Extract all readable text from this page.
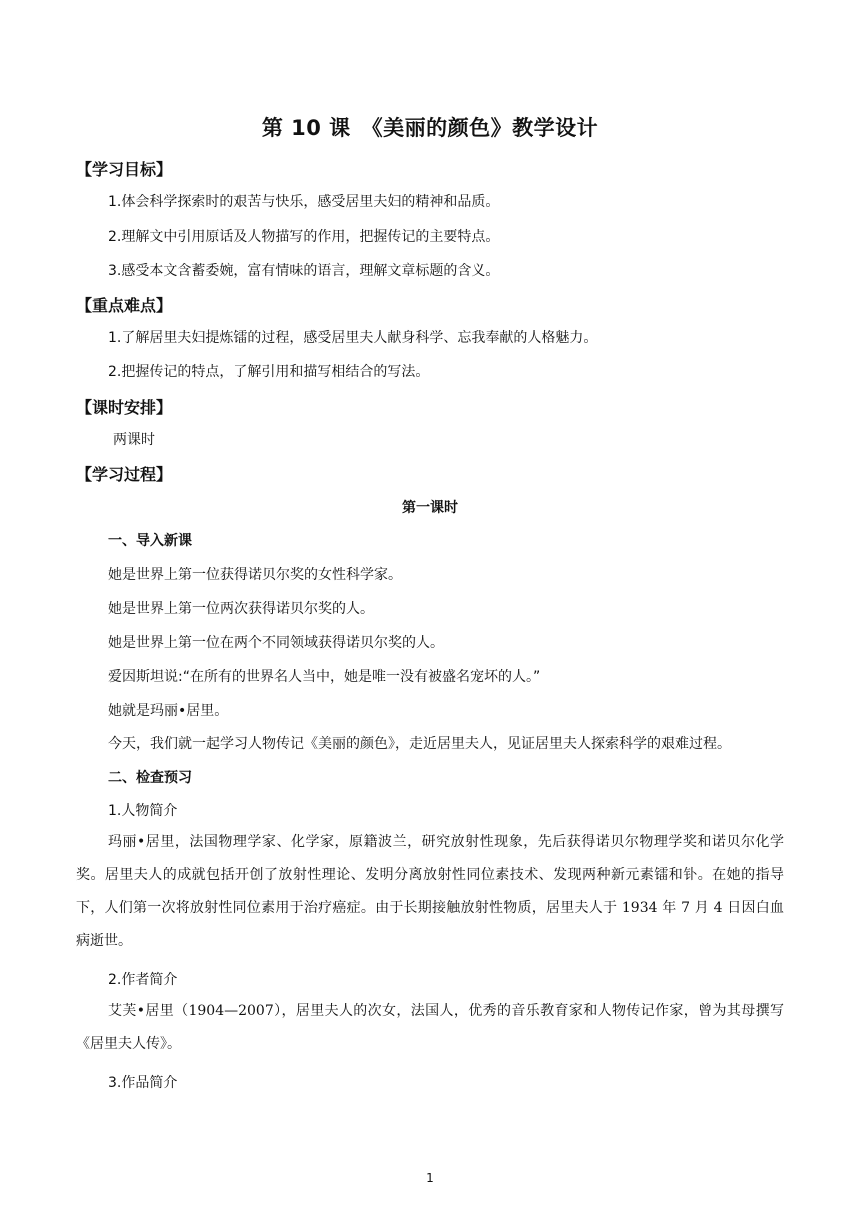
第 10 课　《美丽的颜色》教学设计

【学习目标】

1.体会科学探索时的艰苦与快乐，感受居里夫妇的精神和品质。

2.理解文中引用原话及人物描写的作用，把握传记的主要特点。

3.感受本文含蓄委婉，富有情味的语言，理解文章标题的含义。

【重点难点】

1.了解居里夫妇提炼镭的过程，感受居里夫人献身科学、忘我奉献的人格魅力。

2.把握传记的特点，了解引用和描写相结合的写法。

【课时安排】

两课时

【学习过程】

第一课时

一、导入新课

她是世界上第一位获得诺贝尔奖的女性科学家。

她是世界上第一位两次获得诺贝尔奖的人。

她是世界上第一位在两个不同领域获得诺贝尔奖的人。

爱因斯坦说:“在所有的世界名人当中，她是唯一没有被盛名宠坏的人。”

她就是玛丽•居里。

今天，我们就一起学习人物传记《美丽的颜色》，走近居里夫人，见证居里夫人探索科学的艰难过程。

二、检查预习

1.人物简介

玛丽•居里，法国物理学家、化学家，原籍波兰，研究放射性现象，先后获得诺贝尔物理学奖和诺贝尔化学奖。居里夫人的成就包括开创了放射性理论、发明分离放射性同位素技术、发现两种新元素镭和钋。在她的指导下，人们第一次将放射性同位素用于治疗癌症。由于长期接触放射性物质，居里夫人于 1934 年 7 月 4 日因白血病逝世。

2.作者简介

艾芙•居里（1904—2007），居里夫人的次女，法国人，优秀的音乐教育家和人物传记作家，曾为其母撰写《居里夫人传》。

3.作品简介

1
